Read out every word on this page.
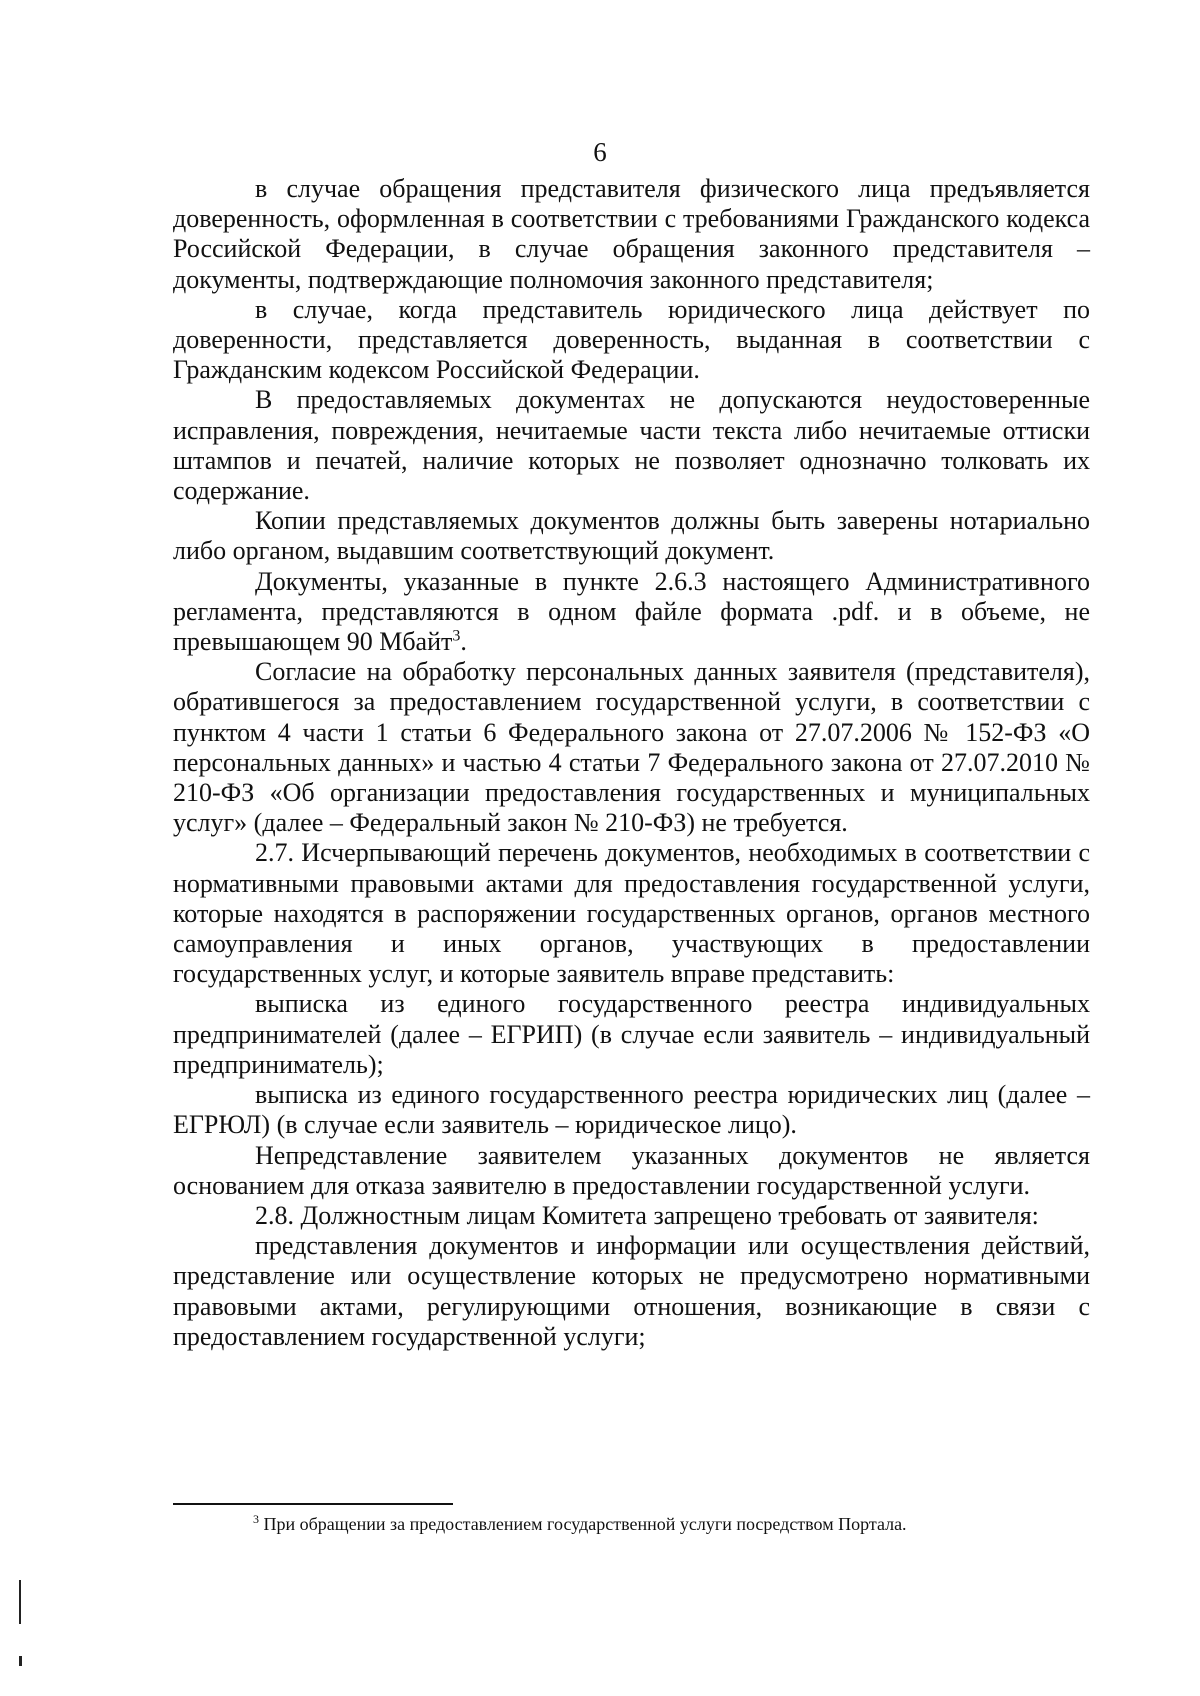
6

в случае обращения представителя физического лица предъявляется доверенность, оформленная в соответствии с требованиями Гражданского кодекса Российской Федерации, в случае обращения законного представителя – документы, подтверждающие полномочия законного представителя;

в случае, когда представитель юридического лица действует по доверенности, представляется доверенность, выданная в соответствии с Гражданским кодексом Российской Федерации.

В предоставляемых документах не допускаются неудостоверенные исправления, повреждения, нечитаемые части текста либо нечитаемые оттиски штампов и печатей, наличие которых не позволяет однозначно толковать их содержание.

Копии представляемых документов должны быть заверены нотариально либо органом, выдавшим соответствующий документ.

Документы, указанные в пункте 2.6.3 настоящего Административного регламента, представляются в одном файле формата .pdf. и в объеме, не превышающем 90 Мбайт$^3$.

Согласие на обработку персональных данных заявителя (представителя), обратившегося за предоставлением государственной услуги, в соответствии с пунктом 4 части 1 статьи 6 Федерального закона от 27.07.2006 № 152-ФЗ «О персональных данных» и частью 4 статьи 7 Федерального закона от 27.07.2010 № 210-ФЗ «Об организации предоставления государственных и муниципальных услуг» (далее – Федеральный закон № 210-ФЗ) не требуется.

2.7. Исчерпывающий перечень документов, необходимых в соответствии с нормативными правовыми актами для предоставления государственной услуги, которые находятся в распоряжении государственных органов, органов местного самоуправления и иных органов, участвующих в предоставлении государственных услуг, и которые заявитель вправе представить:

выписка из единого государственного реестра индивидуальных предпринимателей (далее – ЕГРИП) (в случае если заявитель – индивидуальный предприниматель);

выписка из единого государственного реестра юридических лиц (далее – ЕГРЮЛ) (в случае если заявитель – юридическое лицо).

Непредставление заявителем указанных документов не является основанием для отказа заявителю в предоставлении государственной услуги.

2.8. Должностным лицам Комитета запрещено требовать от заявителя:

представления документов и информации или осуществления действий, представление или осуществление которых не предусмотрено нормативными правовыми актами, регулирующими отношения, возникающие в связи с предоставлением государственной услуги;

$^3$ При обращении за предоставлением государственной услуги посредством Портала.
